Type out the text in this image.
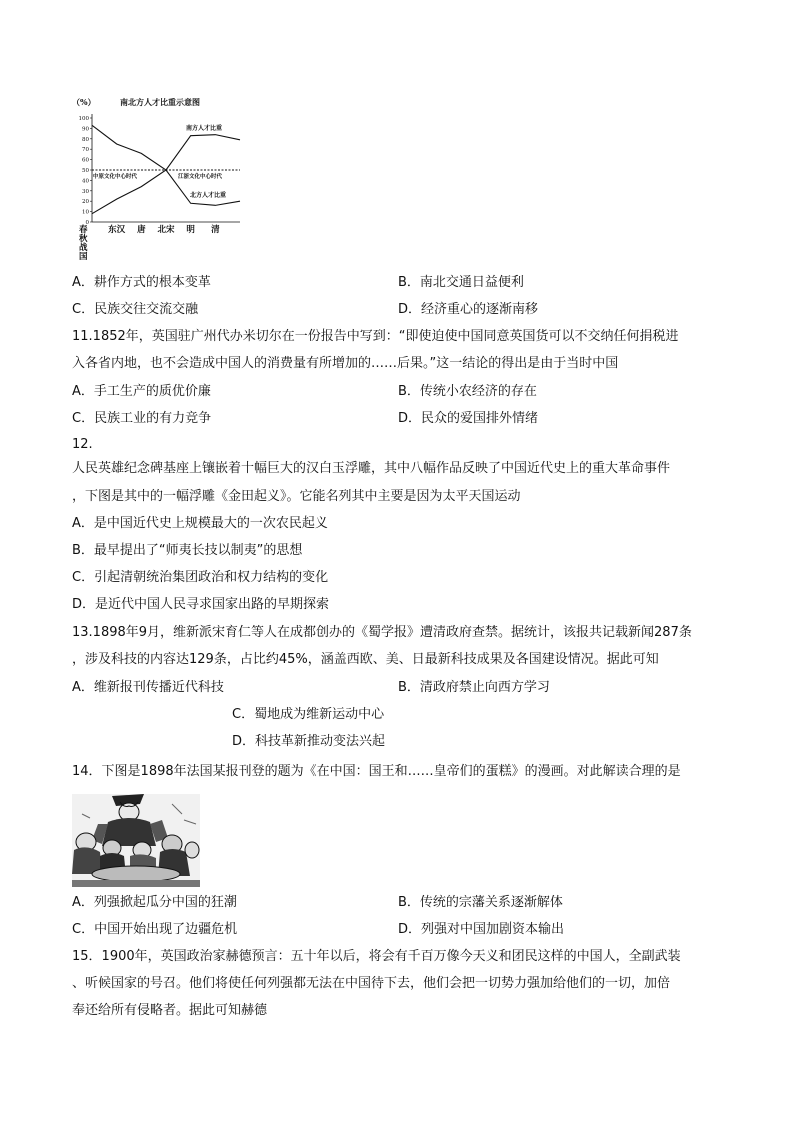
（%）	南北方人才比重示意图
0
10
20
30
40
50
60
70
80
90
100
春
秋
战
国
东汉 唐 北宋 明 清
中原文化中心时代	江浙文化中心时代
南方人才比重
北方人才比重
A．耕作方式的根本变革	B．南北交通日益便利
C．民族交往交流交融	D．经济重心的逐渐南移
11.1852年，英国驻广州代办米切尔在一份报告中写到：“即使迫使中国同意英国货可以不交纳任何捐税进
入各省内地，也不会造成中国人的消费量有所增加的……后果。”这一结论的得出是由于当时中国
A．手工生产的质优价廉	B．传统小农经济的存在
C．民族工业的有力竞争	D．民众的爱国排外情绪
12.
人民英雄纪念碑基座上镶嵌着十幅巨大的汉白玉浮雕，其中八幅作品反映了中国近代史上的重大革命事件
，下图是其中的一幅浮雕《金田起义》。它能名列其中主要是因为太平天国运动
A．是中国近代史上规模最大的一次农民起义
B．最早提出了“师夷长技以制夷”的思想
C．引起清朝统治集团政治和权力结构的变化
D．是近代中国人民寻求国家出路的早期探索
13.1898年9月，维新派宋育仁等人在成都创办的《蜀学报》遭清政府查禁。据统计，该报共记载新闻287条
，涉及科技的内容达129条，占比约45%，涵盖西欧、美、日最新科技成果及各国建设情况。据此可知
A．维新报刊传播近代科技	B．清政府禁止向西方学习
C．蜀地成为维新运动中心
D．科技革新推动变法兴起
14．下图是1898年法国某报刊登的题为《在中国：国王和……皇帝们的蛋糕》的漫画。对此解读合理的是
A．列强掀起瓜分中国的狂潮	B．传统的宗藩关系逐渐解体
C．中国开始出现了边疆危机	D．列强对中国加剧资本输出
15．1900年，英国政治家赫德预言：五十年以后，将会有千百万像今天义和团民这样的中国人，全副武装
、听候国家的号召。他们将使任何列强都无法在中国待下去，他们会把一切势力强加给他们的一切，加倍
奉还给所有侵略者。据此可知赫德
